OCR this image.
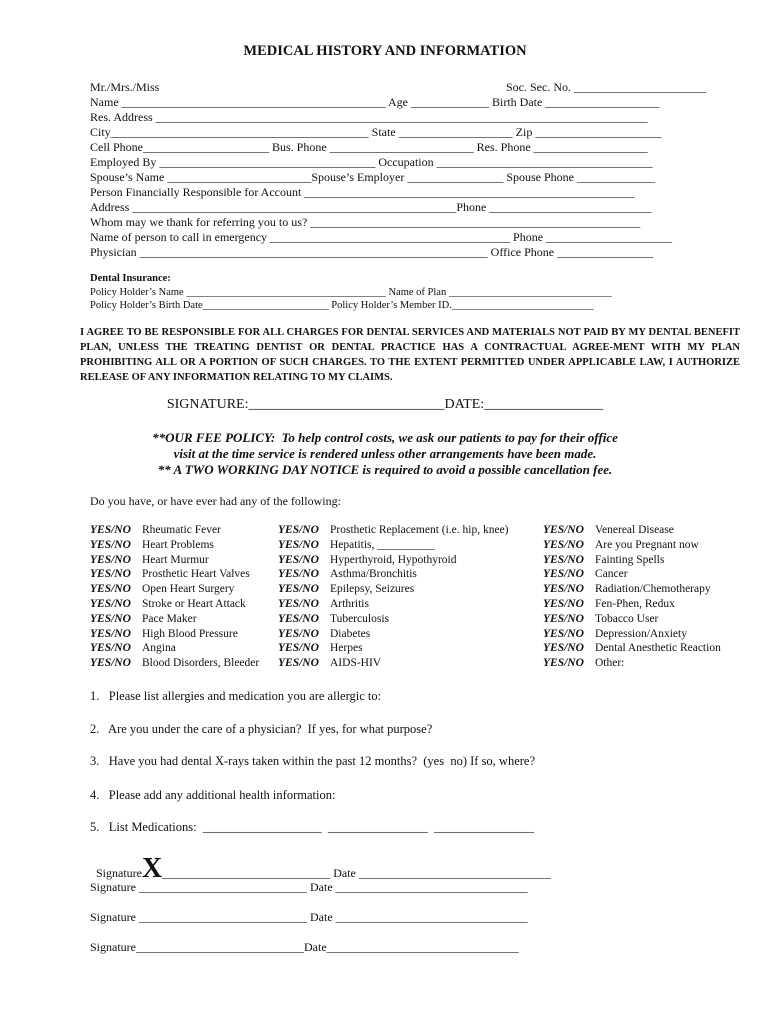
MEDICAL HISTORY AND INFORMATION
Mr./Mrs./Miss	Soc. Sec. No. ______________________
Name ____________________________________________ Age _____________ Birth Date ___________________
Res. Address __________________________________________________________________________________
City___________________________________________ State ___________________ Zip _____________________
Cell Phone_____________________ Bus. Phone ________________________ Res. Phone ___________________
Employed By ____________________________________ Occupation ____________________________________
Spouse’s Name ________________________Spouse’s Employer ________________ Spouse Phone _____________
Person Financially Responsible for Account _______________________________________________________
Address ______________________________________________________Phone ___________________________
Whom may we thank for referring you to us? _______________________________________________________
Name of person to call in emergency ________________________________________ Phone _____________________
Physician __________________________________________________________ Office Phone ________________
Dental Insurance:
Policy Holder’s Name ______________________________________ Name of Plan _______________________________
Policy Holder’s Birth Date________________________ Policy Holder’s Member ID.___________________________
I AGREE TO BE RESPONSIBLE FOR ALL CHARGES FOR DENTAL SERVICES AND MATERIALS NOT PAID BY MY DENTAL BENEFIT PLAN, UNLESS THE TREATING DENTIST OR DENTAL PRACTICE HAS A CONTRACTUAL AGREE-MENT WITH MY PLAN PROHIBITING ALL OR A PORTION OF SUCH CHARGES. TO THE EXTENT PERMITTED UNDER APPLICABLE LAW, I AUTHORIZE RELEASE OF ANY INFORMATION RELATING TO MY CLAIMS.
SIGNATURE:____________________________DATE:_________________
**OUR FEE POLICY:  To help control costs, we ask our patients to pay for their office
visit at the time service is rendered unless other arrangements have been made.
** A TWO WORKING DAY NOTICE is required to avoid a possible cancellation fee.
Do you have, or have ever had any of the following:
YES/NO Rheumatic Fever
YES/NO Heart Problems
YES/NO Heart Murmur
YES/NO Prosthetic Heart Valves
YES/NO Open Heart Surgery
YES/NO Stroke or Heart Attack
YES/NO Pace Maker
YES/NO High Blood Pressure
YES/NO Angina
YES/NO Blood Disorders, Bleeder
YES/NO Prosthetic Replacement (i.e. hip, knee)
YES/NO Hepatitis, __________
YES/NO Hyperthyroid, Hypothyroid
YES/NO Asthma/Bronchitis
YES/NO Epilepsy, Seizures
YES/NO Arthritis
YES/NO Tuberculosis
YES/NO Diabetes
YES/NO Herpes
YES/NO AIDS-HIV
YES/NO Venereal Disease
YES/NO Are you Pregnant now
YES/NO Fainting Spells
YES/NO Cancer
YES/NO Radiation/Chemotherapy
YES/NO Fen-Phen, Redux
YES/NO Tobacco User
YES/NO Depression/Anxiety
YES/NO Dental Anesthetic Reaction
YES/NO Other:
1.   Please list allergies and medication you are allergic to:
2.   Are you under the care of a physician?  If yes, for what purpose?
3.   Have you had dental X-rays taken within the past 12 months?  (yes  no) If so, where?
4.   Please add any additional health information:
5.   List Medications:  ___________________  ________________  ________________

SignatureX____________________________ Date ________________________________

Signature ____________________________ Date ________________________________
Signature ____________________________ Date ________________________________
Signature____________________________Date________________________________
